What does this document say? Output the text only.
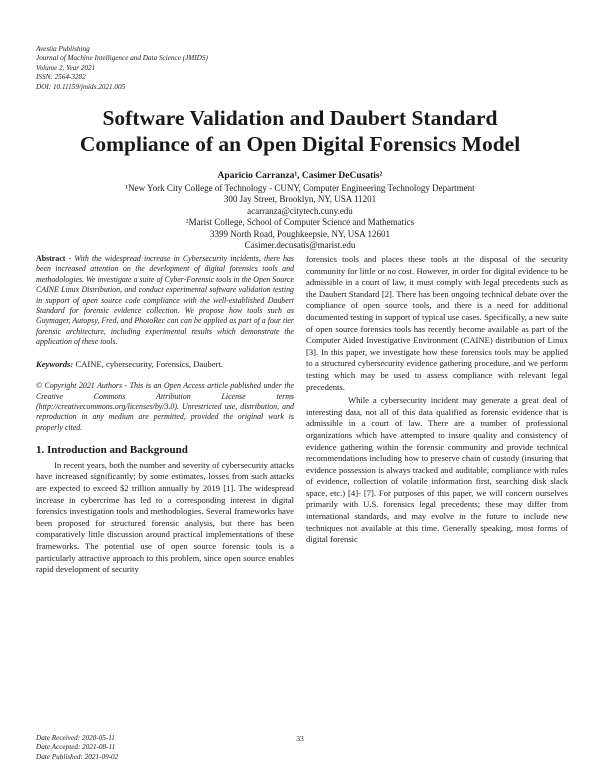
Avestia Publishing
Journal of Machine Intelligence and Data Science (JMIDS)
Volume 2, Year 2021
ISSN: 2564-3282
DOI: 10.11159/jmids.2021.005
Software Validation and Daubert Standard
Compliance of an Open Digital Forensics Model
Aparicio Carranza¹, Casimer DeCusatis²
¹New York City College of Technology - CUNY, Computer Engineering Technology Department
300 Jay Street, Brooklyn, NY, USA 11201
acarranza@citytech.cuny.edu
²Marist College, School of Computer Science and Mathematics
3399 North Road, Poughkeepsie, NY, USA 12601
Casimer.decusatis@marist.edu

Abstract - With the widespread increase in Cybersecurity incidents, there has been increased attention on the development of digital forensics tools and methodologies. We investigate a suite of Cyber-Forensic tools in the Open Source CAINE Linux Distribution, and conduct experimental software validation testing in support of open source code compliance with the well-established Daubert Standard for forensic evidence collection. We propose how tools such as Guymager, Autopsy, Fred, and PhotoRec can can be applied as part of a four tier forensic architecture, including experimental results which demonstrate the application of these tools.

Keywords: CAINE, cybersecurity, Forensics, Daubert.

© Copyright 2021 Authors - This is an Open Access article published under the Creative Commons Attribution License terms (http://creativecommons.org/licenses/by/3.0). Unrestricted use, distribution, and reproduction in any medium are permitted, provided the original work is properly cited.

1. Introduction and Background

In recent years, both the number and severity of cybersecurity attacks have increased significantly; by some estimates, losses from such attacks are expected to exceed $2 trillion annually by 2019 [1]. The widespread increase in cybercrime has led to a corresponding interest in digital forensics investigation tools and methodologies. Several frameworks have been proposed for structured forensic analysis, but there has been comparatively little discussion around practical implementations of these frameworks. The potential use of open source forensic tools is a particularly attractive approach to this problem, since open source enables rapid development of security

forensics tools and places these tools at the disposal of the security community for little or no cost. However, in order for digital evidence to be admissible in a court of law, it must comply with legal precedents such as the Daubert Standard [2]. There has been ongoing technical debate over the compliance of open source tools, and there is a need for additional documented testing in support of typical use cases. Specifically, a new suite of open source forensics tools has recently become available as part of the Computer Aided Investigative Environment (CAINE) distribution of Linux [3]. In this paper, we investigate how these forensics tools may be applied to a structured cybersecurity evidence gathering procedure, and we perform testing which may be used to assess compliance with relevant legal precedents.

While a cybersecurity incident may generate a great deal of interesting data, not all of this data qualified as forensic evidence that is admissible in a court of law. There are a number of professional organizations which have attempted to insure quality and consistency of evidence gathering within the forensic community and provide technical recommendations including how to preserve chain of custody (insuring that evidence possession is always tracked and auditable, compliance with rules of evidence, collection of volatile information first, searching disk slack space, etc.) [4]- [7]. For purposes of this paper, we will concern ourselves primarily with U.S. forensics legal precedents; these may differ from international standards, and may evolve in the future to include new techniques not available at this time. Generally speaking, most forms of digital forensic

Date Received: 2020-05-11
Date Accepted: 2021-08-11
Date Published: 2021-09-02
33
